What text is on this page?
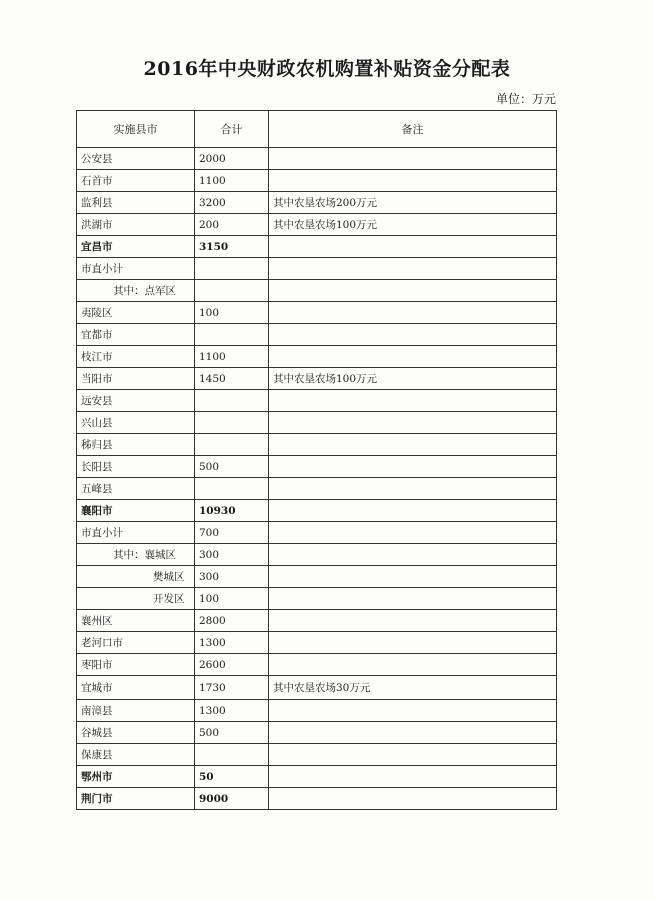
2016年中央财政农机购置补贴资金分配表
单位：万元
实施县市	合计	备注
公安县	2000	
石首市	1100	
监利县	3200	其中农垦农场200万元
洪湖市	200	其中农垦农场100万元
宜昌市	3150	
市直小计		
其中：点军区		
夷陵区	100	
宜都市		
枝江市	1100	
当阳市	1450	其中农垦农场100万元
远安县		
兴山县		
秭归县		
长阳县	500	
五峰县		
襄阳市	10930	
市直小计	700	
其中：襄城区	300	
樊城区	300	
开发区	100	
襄州区	2800	
老河口市	1300	
枣阳市	2600	
宜城市	1730	其中农垦农场30万元
南漳县	1300	
谷城县	500	
保康县		
鄂州市	50	
荆门市	9000	
